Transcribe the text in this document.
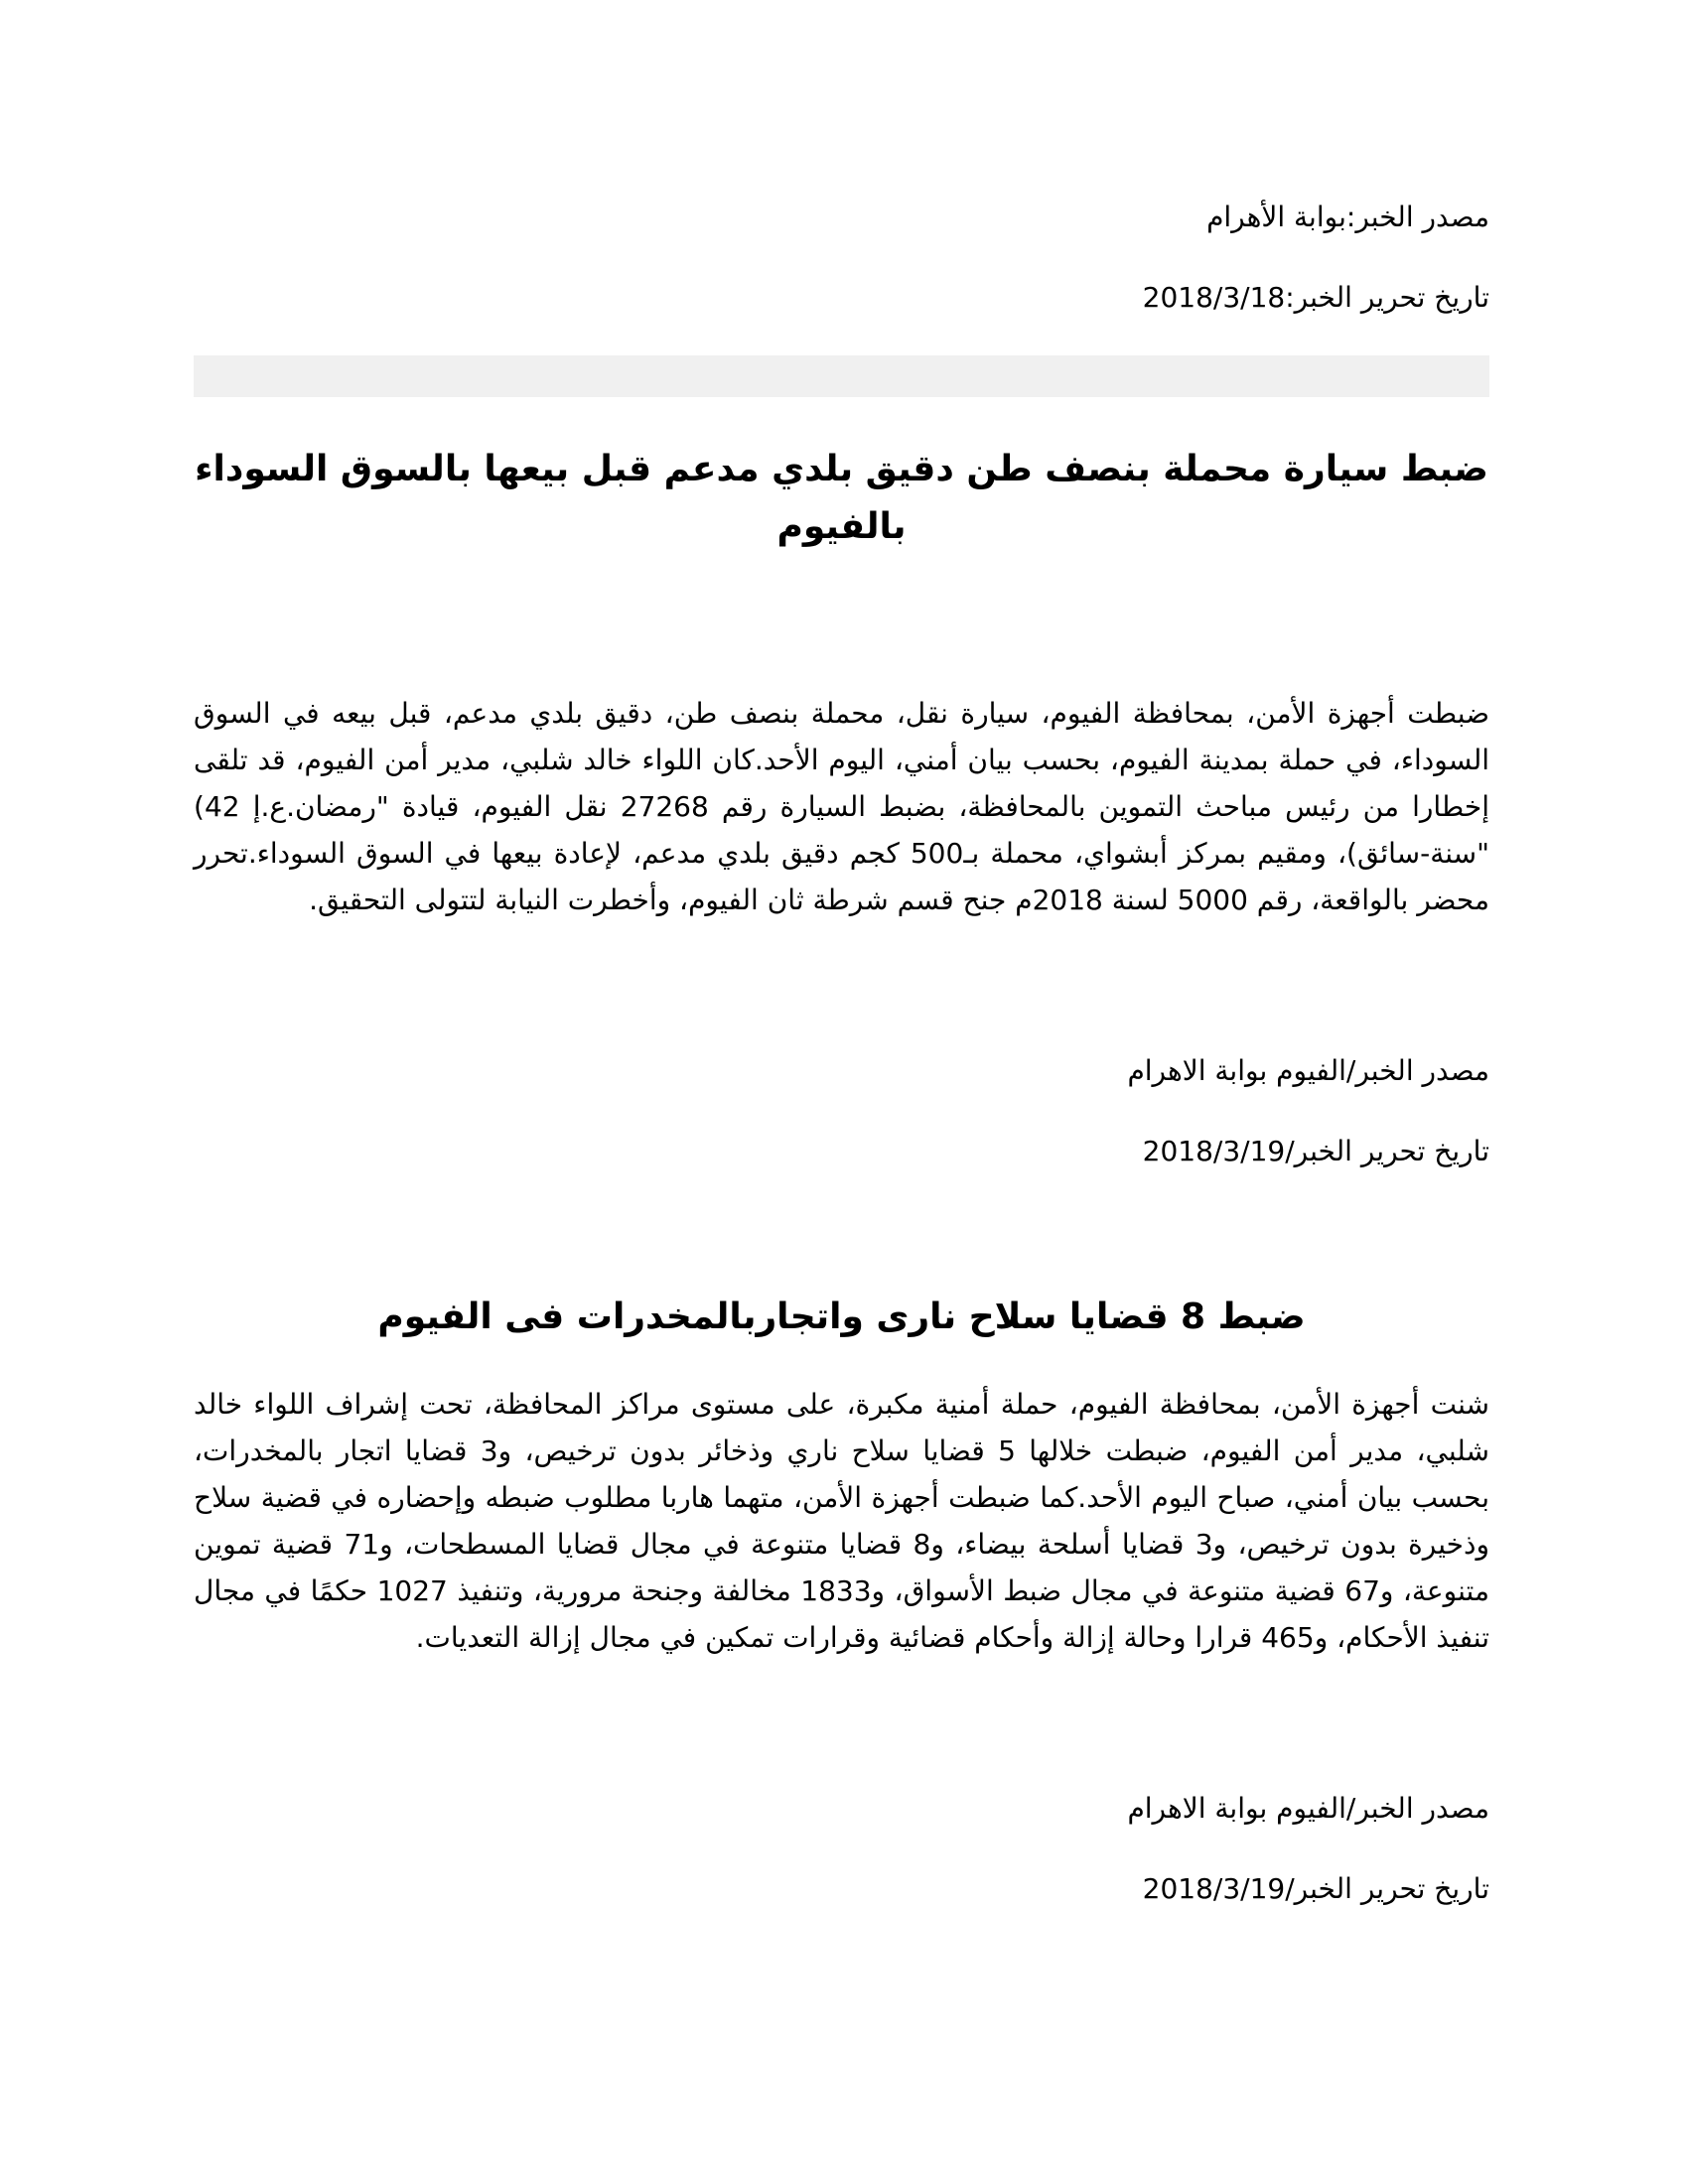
مصدر الخبر:بوابة الأهرام
تاريخ تحرير الخبر:2018/3/18
ضبط سيارة محملة بنصف طن دقيق بلدي مدعم قبل بيعها بالسوق السوداء
بالفيوم
ضبطت أجهزة الأمن، بمحافظة الفيوم، سيارة نقل، محملة بنصف طن، دقيق بلدي مدعم، قبل بيعه في السوق السوداء، في حملة بمدينة الفيوم، بحسب بيان أمني، اليوم الأحد.كان اللواء خالد شلبي، مدير أمن الفيوم، قد تلقى إخطارا من رئيس مباحث التموين بالمحافظة، بضبط السيارة رقم 27268 نقل الفيوم، قيادة "رمضان.ع.إ 42) "سنة-سائق)، ومقيم بمركز أبشواي، محملة بـ500 كجم دقيق بلدي مدعم، لإعادة بيعها في السوق السوداء.تحرر محضر بالواقعة، رقم 5000 لسنة 2018م جنح قسم شرطة ثان الفيوم، وأخطرت النيابة لتتولى التحقيق.
مصدر الخبر/الفيوم بوابة الاهرام
تاريخ تحرير الخبر/2018/3/19
ضبط 8 قضايا سلاح نارى واتجاربالمخدرات فى الفيوم
شنت أجهزة الأمن، بمحافظة الفيوم، حملة أمنية مكبرة، على مستوى مراكز المحافظة، تحت إشراف اللواء خالد شلبي، مدير أمن الفيوم، ضبطت خلالها 5 قضايا سلاح ناري وذخائر بدون ترخيص، و3 قضايا اتجار بالمخدرات، بحسب بيان أمني، صباح اليوم الأحد.كما ضبطت أجهزة الأمن، متهما هاربا مطلوب ضبطه وإحضاره في قضية سلاح وذخيرة بدون ترخيص، و3 قضايا أسلحة بيضاء، و8 قضايا متنوعة في مجال قضايا المسطحات، و71 قضية تموين متنوعة، و67 قضية متنوعة في مجال ضبط الأسواق، و1833 مخالفة وجنحة مرورية، وتنفيذ 1027 حكمًا في مجال تنفيذ الأحكام، و465 قرارا وحالة إزالة وأحكام قضائية وقرارات تمكين في مجال إزالة التعديات.
مصدر الخبر/الفيوم بوابة الاهرام
تاريخ تحرير الخبر/2018/3/19
